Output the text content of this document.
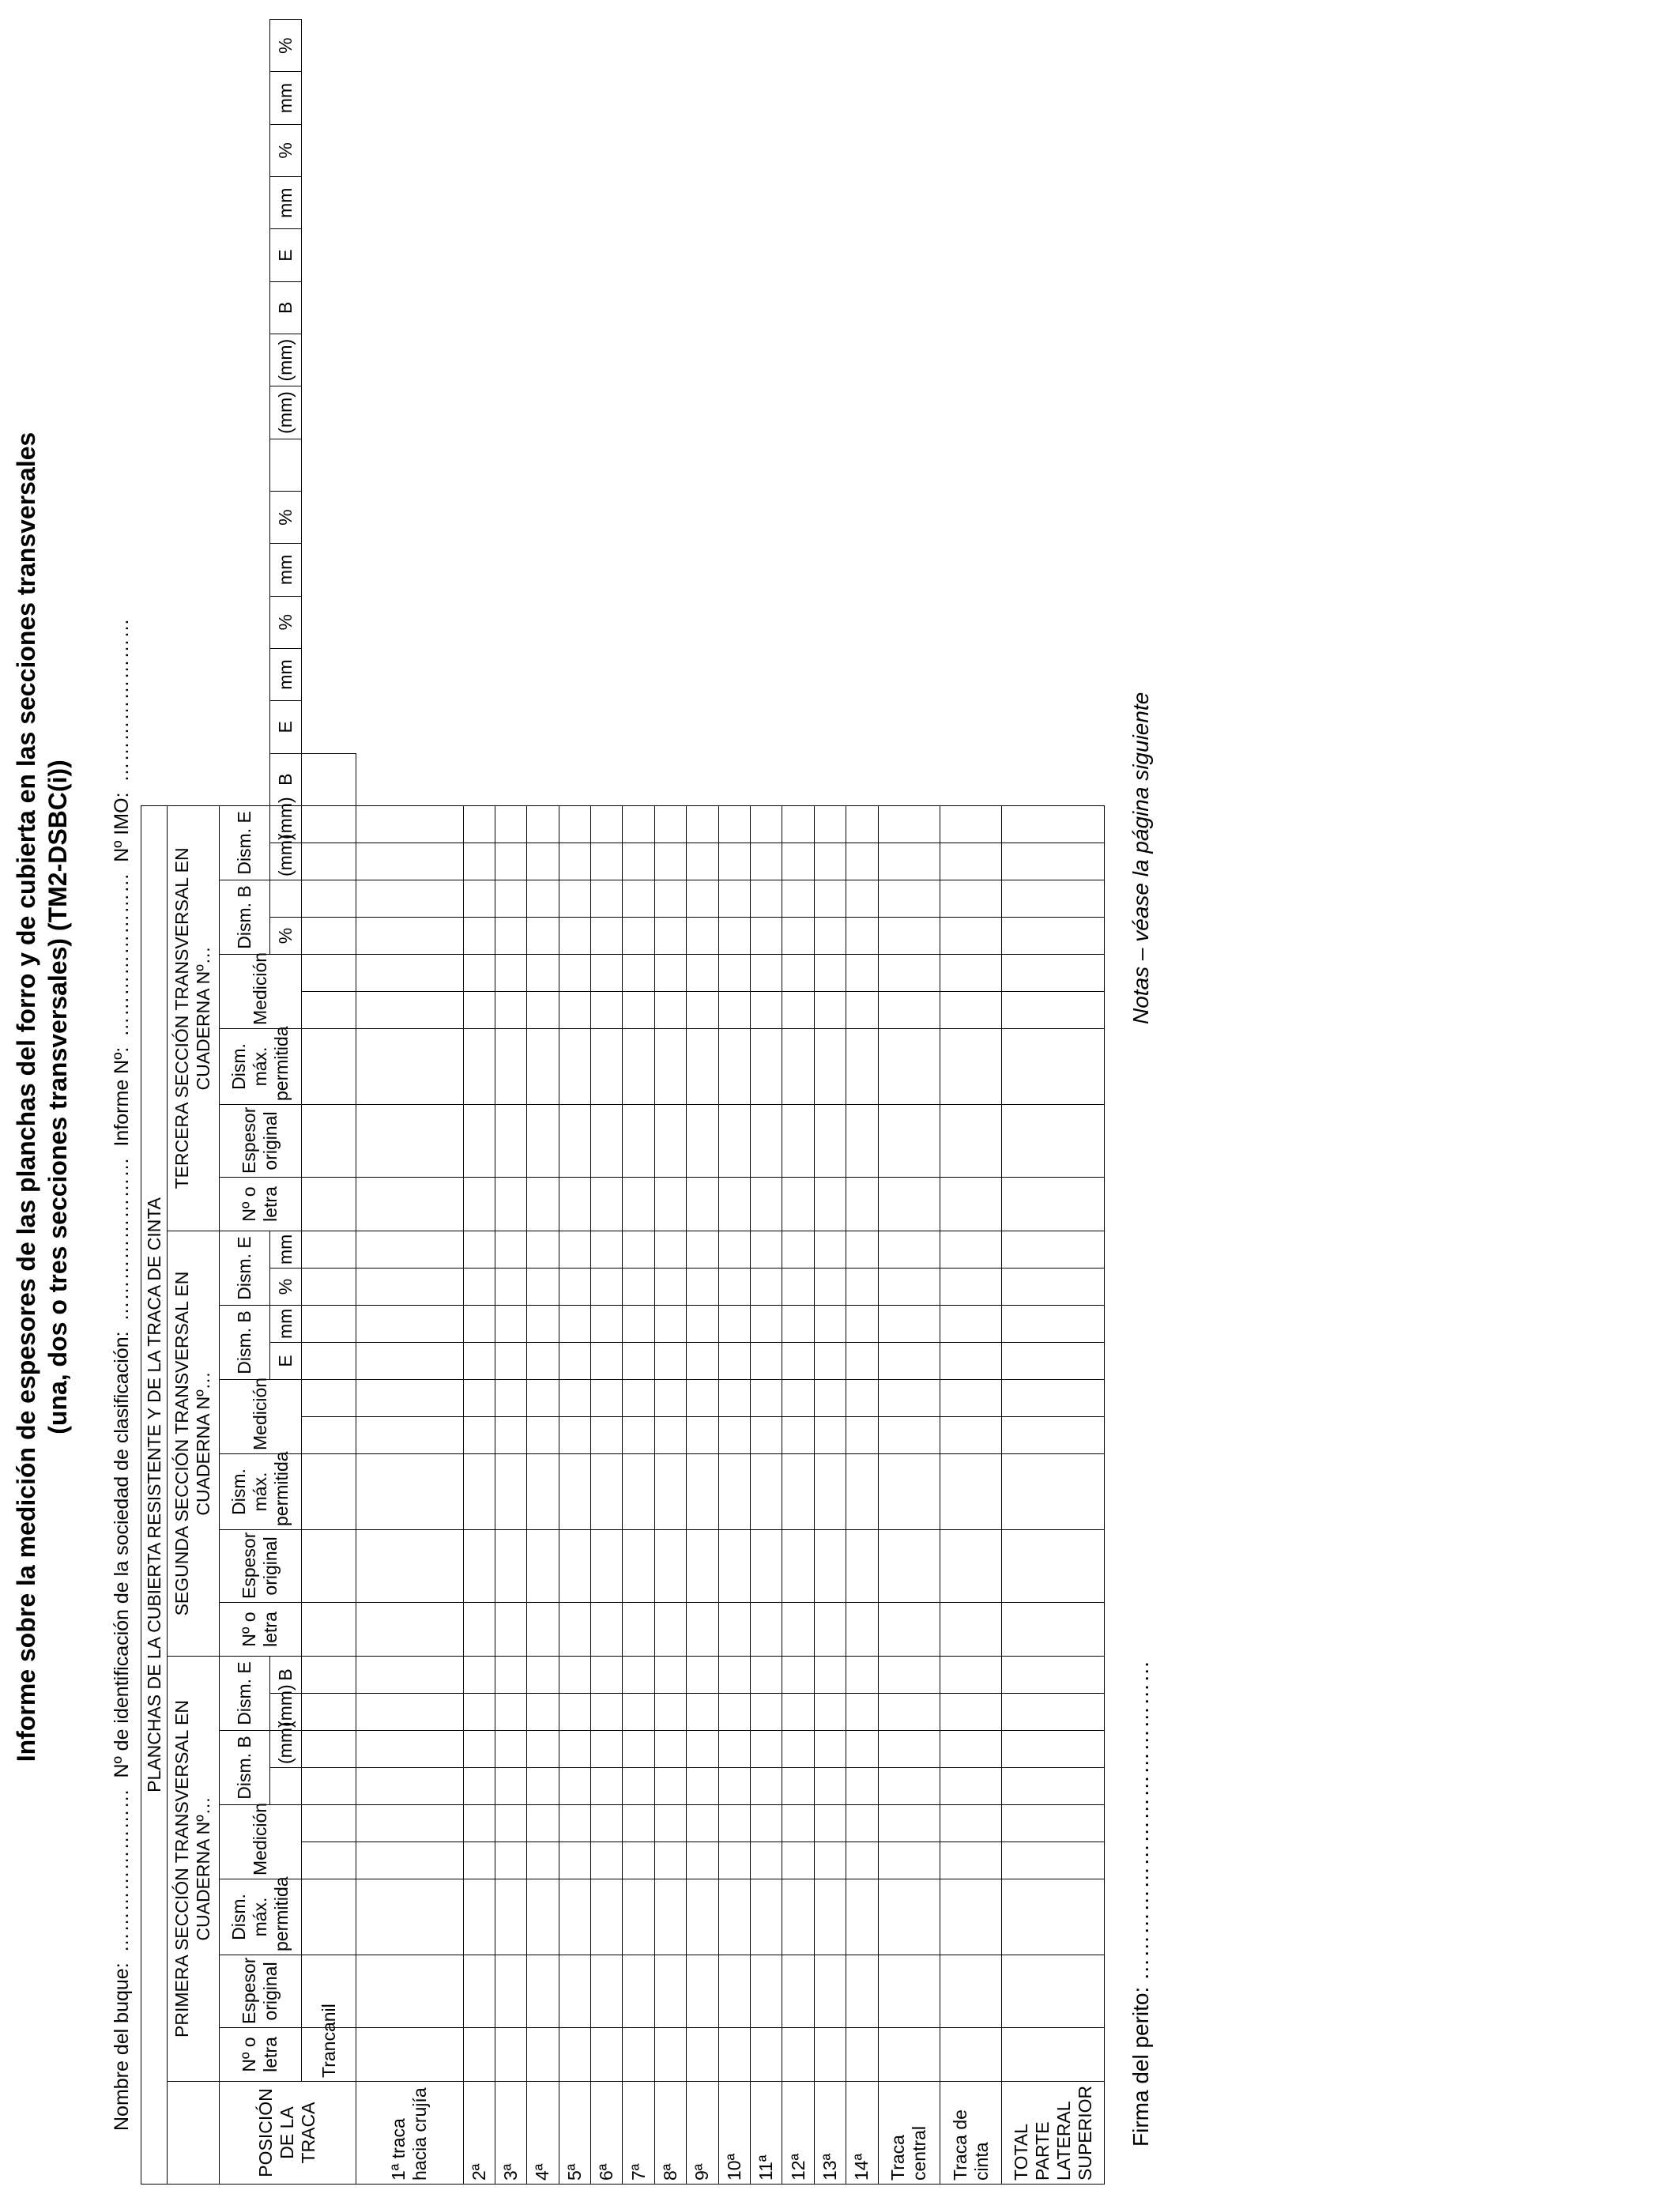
Informe sobre la medición de espesores de las planchas del forro y de cubierta en las secciones transversales (una, dos o tres secciones transversales) (TM2-DSBC(i))
Nombre del buque: …………………… Nº de identificación de la sociedad de clasificación: …………………… Informe Nº: …………………… Nº IMO: ……………………
PLANCHAS DE LA CUBIERTA RESISTENTE Y DE LA TRACA DE CINTA																																										
	PRIMERA SECCIÓN TRANSVERSAL EN CUADERNA Nº…									SEGUNDA SECCIÓN TRANSVERSAL EN CUADERNA Nº…									TERCERA SECCIÓN TRANSVERSAL EN CUADERNA Nº…																							
POSICIÓN DE LA TRACA	Nº o letra	Espesor original	Dism. máx. permitida	Medición		Dism. B		Dism. E		Nº o letra	Espesor original	Dism. máx. permitida	Medición		Dism. B		Dism. E		Nº o letra	Espesor original	Dism. máx. permitida	Medición		Dism. B		Dism. E																
							(mm)	(mm)	B						E	mm	%	mm						%		(mm)	(mm)	B	E	mm	%	mm	%		(mm)	(mm)	B	E	mm	%	mm	%
	Trancanil																																									
1ª traca hacia crujía																																										
2ª																																										
3ª																																										
4ª																																										
5ª																																										
6ª																																										
7ª																																										
8ª																																										
9ª																																										
10ª																																										
11ª																																										
12ª																																										
13ª																																										
14ª																																										
Traca central																																										
Traca de cinta																																										
TOTAL PARTE LATERAL SUPERIOR																																										Firma del perito: ……………………………………
Notas – véase la página siguiente
